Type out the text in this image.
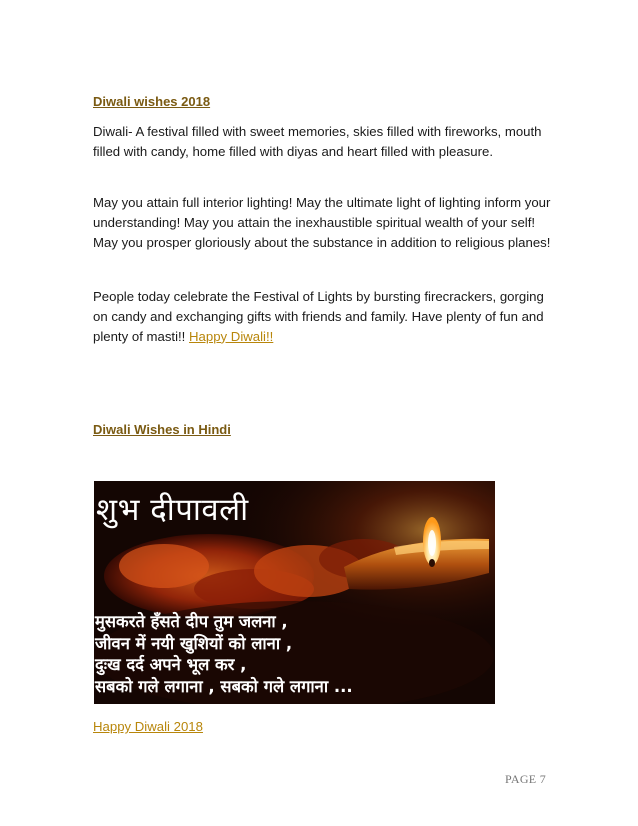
Diwali wishes 2018

Diwali- A festival filled with sweet memories, skies filled with fireworks, mouth filled with candy, home filled with diyas and heart filled with pleasure.

May you attain full interior lighting! May the ultimate light of lighting inform your understanding! May you attain the inexhaustible spiritual wealth of your self! May you prosper gloriously about the substance in addition to religious planes!

People today celebrate the Festival of Lights by bursting firecrackers, gorging on candy and exchanging gifts with friends and family. Have plenty of fun and plenty of masti!! Happy Diwali!!

Diwali Wishes in Hindi
शुभ दीपावली
मुसकरते हँसते दीप तुम जलना ,
जीवन में नयी खुशियों को लाना ,
दुःख दर्द अपने भूल कर ,
सबको गले लगाना , सबको गले लगाना ...
Happy Diwali 2018
PAGE 7
